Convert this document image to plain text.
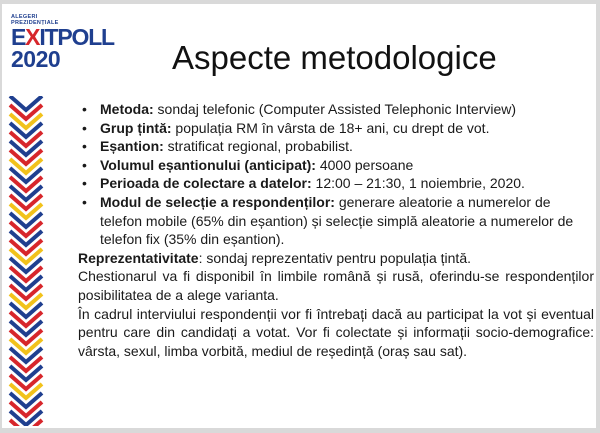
ALEGERI
PREZIDENȚIALE
EXITPOLL
2020	Aspecte metodologice
• Metoda: sondaj telefonic (Computer Assisted Telephonic Interview)
• Grup țintă: populația RM în vârsta de 18+ ani, cu drept de vot.
• Eșantion: stratificat regional, probabilist.
• Volumul eșantionului (anticipat): 4000 persoane
• Perioada de colectare a datelor: 12:00 – 21:30, 1 noiembrie, 2020.
• Modul de selecție a respondenților: generare aleatorie a numerelor de telefon mobile (65% din eșantion) și selecție simplă aleatorie a numerelor de telefon fix (35% din eșantion).

Reprezentativitate: sondaj reprezentativ pentru populația țintă.

Chestionarul va fi disponibil în limbile română și rusă, oferindu-se respondenților posibilitatea de a alege varianta.

În cadrul interviului respondenții vor fi întrebați dacă au participat la vot și eventual pentru care din candidați a votat. Vor fi colectate și informații socio-demografice: vârsta, sexul, limba vorbită, mediul de reședință (oraș sau sat).
